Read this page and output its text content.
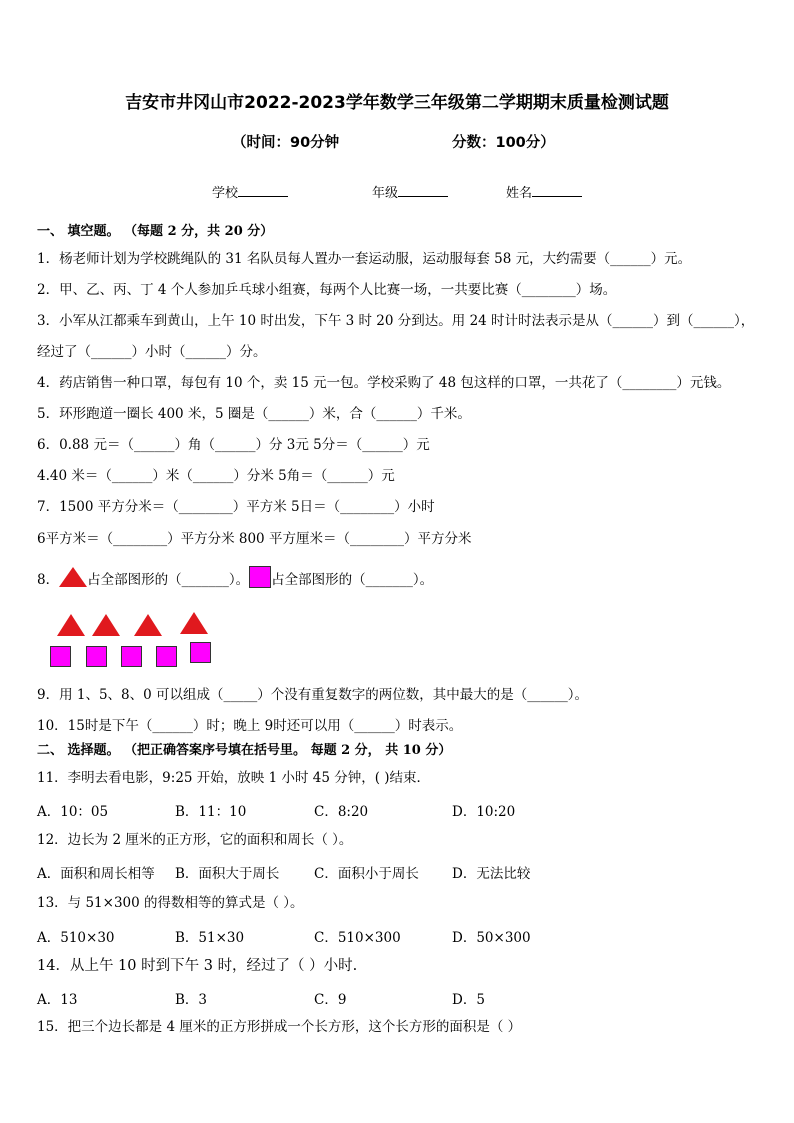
吉安市井冈山市2022-2023学年数学三年级第二学期期末质量检测试题
（时间：90分钟	分数：100分）
学校	年级	姓名
一、 填空题。 （每题 2 分，共 20 分）
1．杨老师计划为学校跳绳队的 31 名队员每人置办一套运动服，运动服每套 58 元，大约需要（______）元。
2．甲、乙、丙、丁 4 个人参加乒乓球小组赛，每两个人比赛一场，一共要比赛（________）场。
3．小军从江都乘车到黄山，上午 10 时出发，下午 3 时 20 分到达。用 24 时计时法表示是从（______）到（______），
经过了（______）小时（______）分。
4．药店销售一种口罩，每包有 10 个，卖 15 元一包。学校采购了 48 包这样的口罩，一共花了（________）元钱。
5．环形跑道一圈长 400 米，5 圈是（______）米，合（______）千米。
6．0.88 元＝（______）角（______）分 3元 5分＝（______）元
4.40 米＝（______）米（______）分米 5角＝（______）元
7．1500 平方分米＝（________）平方米 5日＝（________）小时
6平方米＝（________）平方分米 800 平方厘米＝（________）平方分米
8． 占全部图形的（_______）。 占全部图形的（_______）。
9．用 1、5、8、0 可以组成（_____）个没有重复数字的两位数，其中最大的是（______）。
10．15时是下午（______）时；晚上 9时还可以用（______）时表示。
二、 选择题。 （把正确答案序号填在括号里。 每题 2 分， 共 10 分）
11．李明去看电影，9:25 开始，放映 1 小时 45 分钟，( )结束．
A．10：05	B．11：10	C．8:20	D．10:20
12．边长为 2 厘米的正方形，它的面积和周长（ ）。
A．面积和周长相等 B．面积大于周长	C．面积小于周长 D．无法比较
13．与 51×300 的得数相等的算式是（ ）。
A．510×30	B．51×30	C．510×300	D．50×300
14．从上午 10 时到下午 3 时，经过了（ ）小时.
A．13	B．3	C．9	D．5
15．把三个边长都是 4 厘米的正方形拼成一个长方形，这个长方形的面积是（ ）
